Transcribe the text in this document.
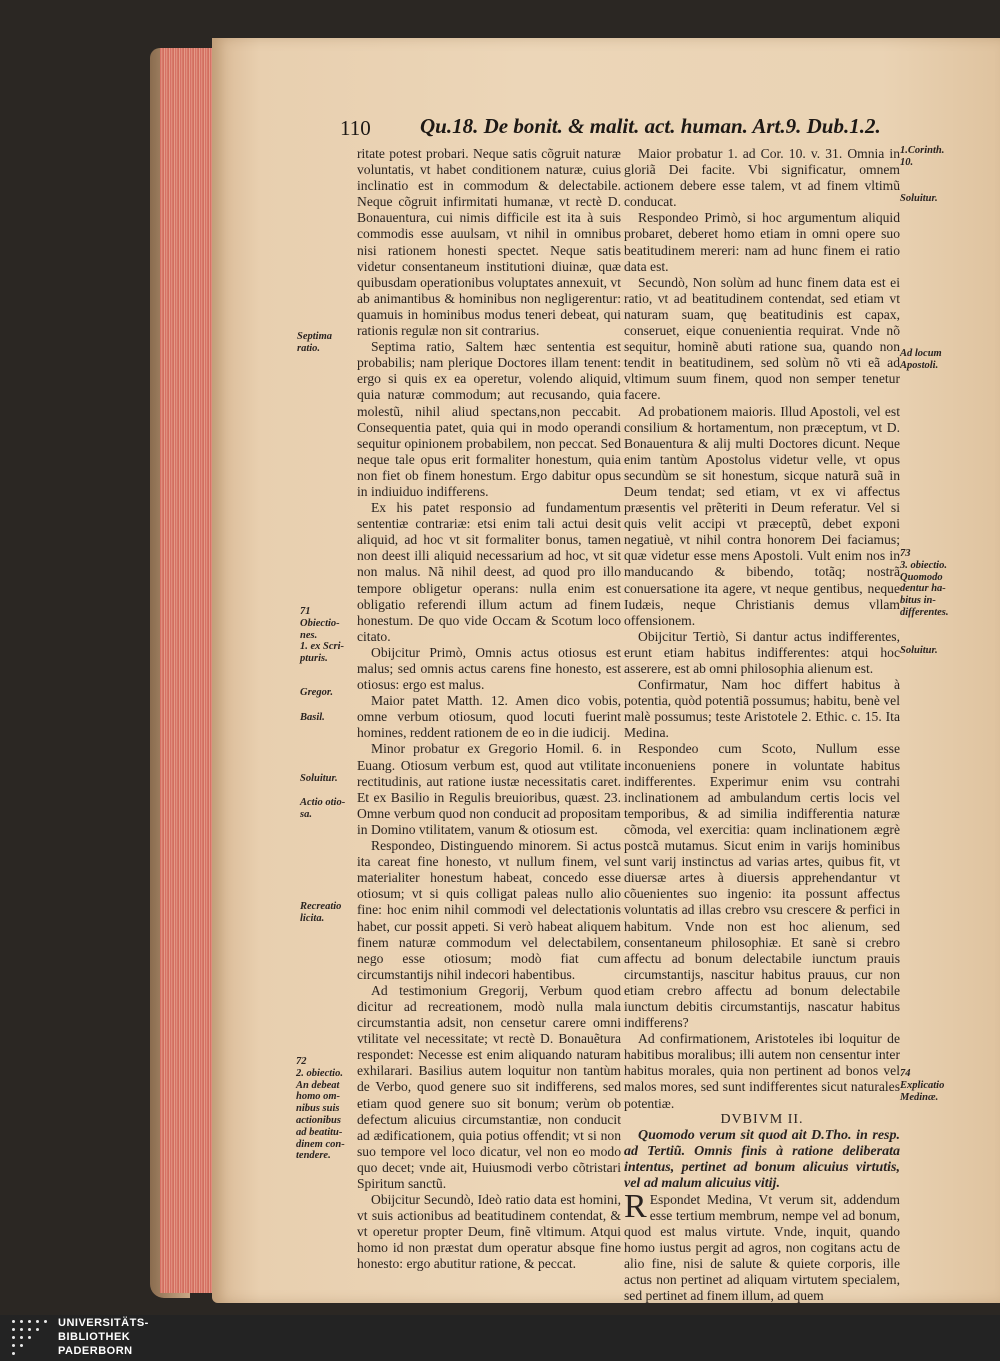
110 Qu.18. De bonit. & malit. act. human. Art.9. Dub.1.2.

ritate potest probari. Neque satis cõgruit naturæ voluntatis, vt habet conditionem naturæ, cuius inclinatio est in commodum & delectabile. Neque cõgruit infirmitati humanæ, vt rectè D. Bonauentura, cui nimis difficile est ita à suis commodis esse auulsam, vt nihil in omnibus nisi rationem honesti spectet. Neque satis videtur consentaneum institutioni diuinæ, quæ quibusdam operationibus voluptates annexuit, vt ab animantibus & hominibus non negligerentur: quamuis in hominibus modus teneri debeat, qui rationis regulæ non sit contrarius.

Septima ratio, Saltem hæc sententia est probabilis; nam plerique Doctores illam tenent: ergo si quis ex ea operetur, volendo aliquid, quia naturæ commodum; aut recusando, quia molestũ, nihil aliud spectans,non peccabit. Consequentia patet, quia qui in modo operandi sequitur opinionem probabilem, non peccat. Sed neque tale opus erit formaliter honestum, quia non fiet ob finem honestum. Ergo dabitur opus in indiuiduo indifferens.

Ex his patet responsio ad fundamentum sententiæ contrariæ: etsi enim tali actui desit aliquid, ad hoc vt sit formaliter bonus, tamen non deest illi aliquid necessarium ad hoc, vt sit non malus. Nã nihil deest, ad quod pro illo tempore obligetur operans: nulla enim est obligatio referendi illum actum ad finem honestum. De quo vide Occam & Scotum loco citato.

Obijcitur Primò, Omnis actus otiosus est malus; sed omnis actus carens fine honesto, est otiosus: ergo est malus.

Maior patet Matth. 12. Amen dico vobis, omne verbum otiosum, quod locuti fuerint homines, reddent rationem de eo in die iudicij.

Minor probatur ex Gregorio Homil. 6. in Euang. Otiosum verbum est, quod aut vtilitate rectitudinis, aut ratione iustæ necessitatis caret. Et ex Basilio in Regulis breuioribus, quæst. 23. Omne verbum quod non conducit ad propositam in Domino vtilitatem, vanum & otiosum est.

Respondeo, Distinguendo minorem. Si actus ita careat fine honesto, vt nullum finem, vel materialiter honestum habeat, concedo esse otiosum; vt si quis colligat paleas nullo alio fine: hoc enim nihil commodi vel delectationis habet, cur possit appeti. Si verò habeat aliquem finem naturæ commodum vel delectabilem, nego esse otiosum; modò fiat cum circumstantijs nihil indecori habentibus.

Ad testimonium Gregorij, Verbum quod dicitur ad recreationem, modò nulla mala circumstantia adsit, non censetur carere omni vtilitate vel necessitate; vt rectè D. Bonauẽtura respondet: Necesse est enim aliquando naturam exhilarari. Basilius autem loquitur non tantùm de Verbo, quod genere suo sit indifferens, sed etiam quod genere suo sit bonum; verùm ob defectum alicuius circumstantiæ, non conducit ad ædificationem, quia potius offendit; vt si non suo tempore vel loco dicatur, vel non eo modo quo decet; vnde ait, Huiusmodi verbo cõtristari Spiritum sanctũ.

Obijcitur Secundò, Ideò ratio data est homini, vt suis actionibus ad beatitudinem contendat, & vt operetur propter Deum, finẽ vltimum. Atqui homo id non præstat dum operatur absque fine honesto: ergo abutitur ratione, & peccat.

Maior probatur 1. ad Cor. 10. v. 31. Omnia in gloriã Dei facite. Vbi significatur, omnem actionem debere esse talem, vt ad finem vltimũ conducat.

Respondeo Primò, si hoc argumentum aliquid probaret, deberet homo etiam in omni opere suo beatitudinem mereri: nam ad hunc finem ei ratio data est.

Secundò, Non solùm ad hunc finem data est ei ratio, vt ad beatitudinem contendat, sed etiam vt naturam suam, quę beatitudinis est capax, conseruet, eique conuenientia requirat. Vnde nõ sequitur, hominẽ abuti ratione sua, quando non tendit in beatitudinem, sed solùm nõ vti eã ad vltimum suum finem, quod non semper tenetur facere.

Ad probationem maioris. Illud Apostoli, vel est consilium & hortamentum, non præceptum, vt D. Bonauentura & alij multi Doctores dicunt. Neque enim tantùm Apostolus videtur velle, vt opus secundùm se sit honestum, sicque naturã suã in Deum tendat; sed etiam, vt ex vi affectus præsentis vel prẽteriti in Deum referatur. Vel si quis velit accipi vt præceptũ, debet exponi negatiuè, vt nihil contra honorem Dei faciamus; quæ videtur esse mens Apostoli. Vult enim nos in manducando & bibendo, totãq; nostrã conuersatione ita agere, vt neque gentibus, neque Iudæis, neque Christianis demus vllam offensionem.

Obijcitur Tertiò, Si dantur actus indifferentes, erunt etiam habitus indifferentes: atqui hoc asserere, est ab omni philosophia alienum est.

Confirmatur, Nam hoc differt habitus à potentia, quòd potentiã possumus; habitu, benè vel malè possumus; teste Aristotele 2. Ethic. c. 15. Ita Medina.

Respondeo cum Scoto, Nullum esse inconueniens ponere in voluntate habitus indifferentes. Experimur enim vsu contrahi inclinationem ad ambulandum certis locis vel temporibus, & ad similia indifferentia naturæ cõmoda, vel exercitia: quam inclinationem ægrè postcã mutamus. Sicut enim in varijs hominibus sunt varij instinctus ad varias artes, quibus fit, vt diuersæ artes à diuersis apprehendantur vt cõuenientes suo ingenio: ita possunt affectus voluntatis ad illas crebro vsu crescere & perfici in habitum. Vnde non est hoc alienum, sed consentaneum philosophiæ. Et sanè si crebro affectu ad bonum delectabile iunctum prauis circumstantijs, nascitur habitus prauus, cur non etiam crebro affectu ad bonum delectabile iunctum debitis circumstantijs, nascatur habitus indifferens?

Ad confirmationem, Aristoteles ibi loquitur de habitibus moralibus; illi autem non censentur inter habitus morales, quia non pertinent ad bonos vel malos mores, sed sunt indifferentes sicut naturales potentiæ.

DVBIVM II.

Quomodo verum sit quod ait D.Tho. in resp. ad Tertiũ. Omnis finis à ratione deliberata intentus, pertinet ad bonum alicuius virtutis, vel ad malum alicuius vitij.

R Espondet Medina, Vt verum sit, addendum esse tertium membrum, nempe vel ad bonum, quod est malus virtute. Vnde, inquit, quando homo iustus pergit ad agros, non cogitans actu de alio fine, nisi de salute & quiete corporis, ille actus non pertinet ad aliquam virtutem specialem, sed pertinet ad finem illum, ad quem

Septima
ratio.
71
Obiectio-
nes.
1. ex Scri-
pturis.
Gregor.
Basil.
Soluitur.
Actio otio-
sa.
Recreatio
licita.
72
2. obiectio.
An debeat
homo om-
nibus suis
actionibus
ad beatitu-
dinem con-
tendere.
1.Corinth.
10.
Soluitur.
Ad locum
Apostoli.
73
3. obiectio.
Quomodo
dentur ha-
bitus in-
differentes.
Soluitur.
74
Explicatio
Medinæ.
UNIVERSITÄTS-
BIBLIOTHEK
PADERBORN
